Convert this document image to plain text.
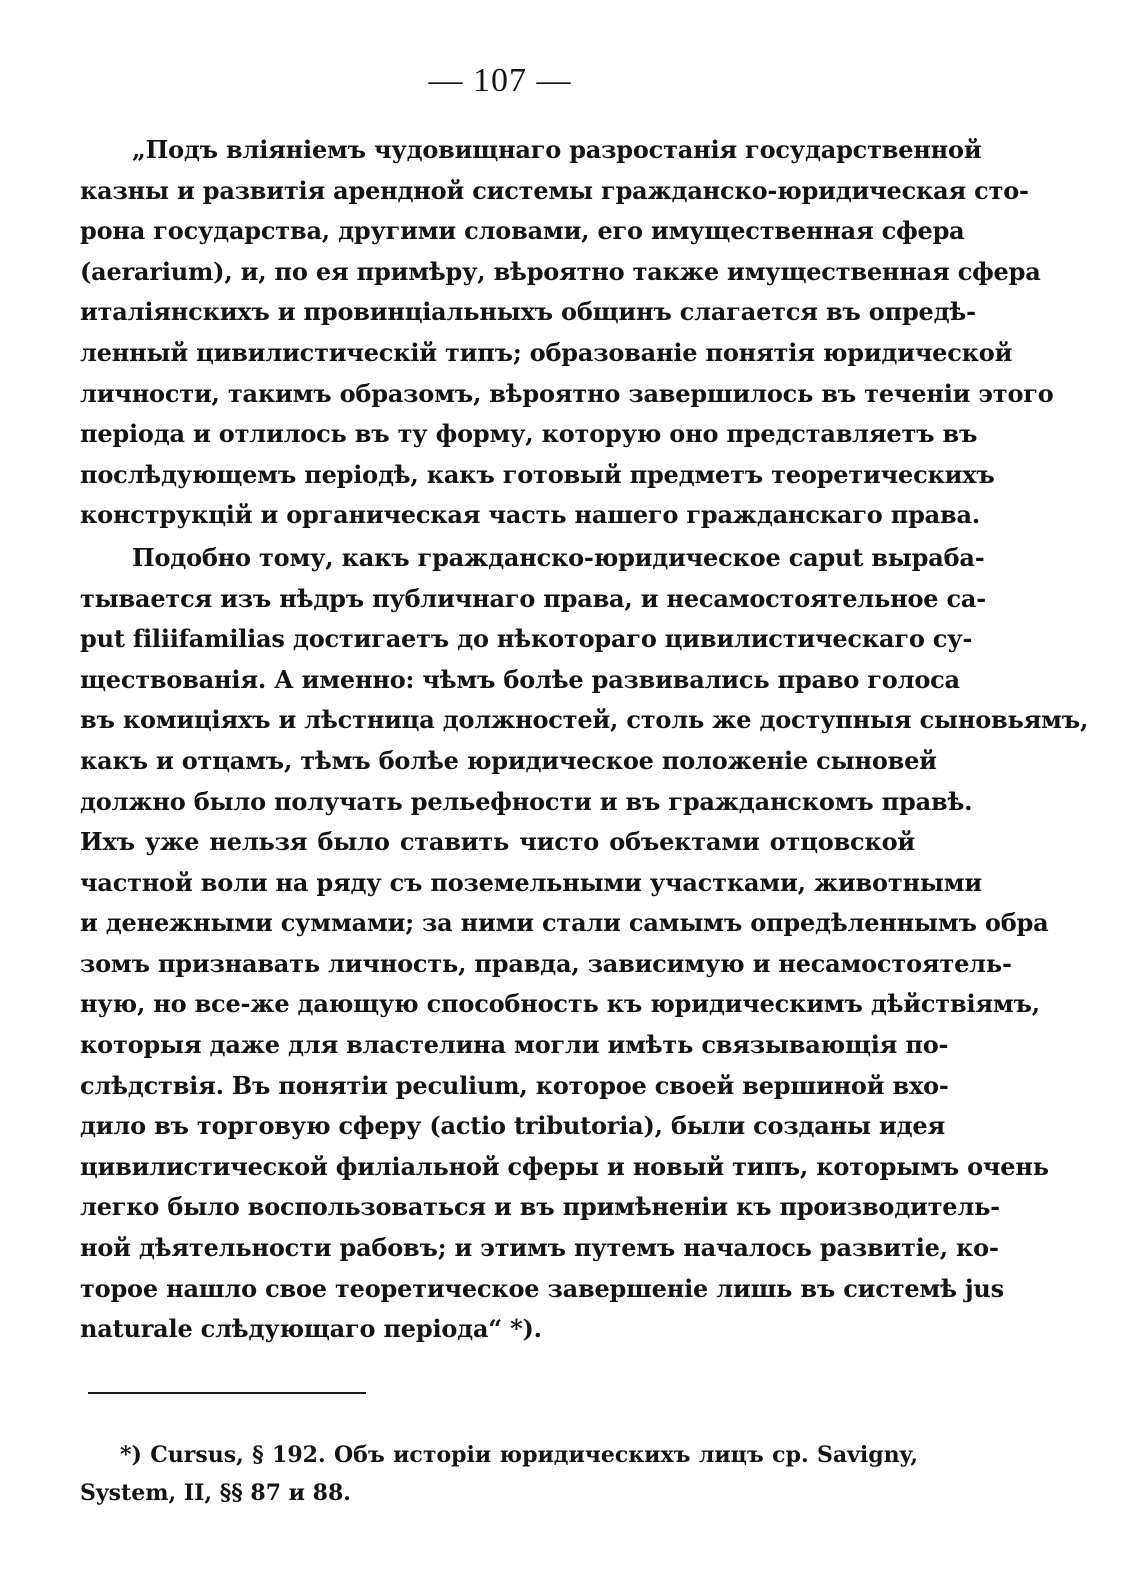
— 107 —
„Подъ вліяніемъ чудовищнаго разростанія государственной
казны и развитія арендной системы гражданско-юридическая сто-
рона государства, другими словами, его имущественная сфера
(aerarium), и, по ея примѣру, вѣроятно также имущественная сфера
италіянскихъ и провинціальныхъ общинъ слагается въ опредѣ-
ленный цивилистическій типъ; образованіе понятія юридической
личности, такимъ образомъ, вѣроятно завершилось въ теченіи этого
періода и отлилось въ ту форму, которую оно представляетъ въ
послѣдующемъ періодѣ, какъ готовый предметъ теоретическихъ
конструкцій и органическая часть нашего гражданскаго права.
Подобно тому, какъ гражданско-юридическое caput выраба-
тывается изъ нѣдръ публичнаго права, и несамостоятельное ca-
put filiifamilias достигаетъ до нѣкотораго цивилистическаго су-
ществованія. А именно: чѣмъ болѣе развивались право голоса
въ комиціяхъ и лѣстница должностей, столь же доступныя сыновьямъ,
какъ и отцамъ, тѣмъ болѣе юридическое положеніе сыновей
должно было получать рельефности и въ гражданскомъ правѣ.
Ихъ уже нельзя было ставить чисто объектами отцовской
частной воли на ряду съ поземельными участками, животными
и денежными суммами; за ними стали самымъ опредѣленнымъ обра
зомъ признавать личность, правда, зависимую и несамостоятель-
ную, но все-же дающую способность къ юридическимъ дѣйствіямъ,
которыя даже для властелина могли имѣть связывающія по-
слѣдствія. Въ понятіи peculium, которое своей вершиной вхо-
дило въ торговую сферу (actio tributoria), были созданы идея
цивилистической филіальной сферы и новый типъ, которымъ очень
легко было воспользоваться и въ примѣненіи къ производитель-
ной дѣятельности рабовъ; и этимъ путемъ началось развитіе, ко-
торое нашло свое теоретическое завершеніе лишь въ системѣ jus
naturale слѣдующаго періода“ *).
*) Cursus, § 192. Объ исторіи юридическихъ лицъ ср. Savigny,
System, II, §§ 87 и 88.
